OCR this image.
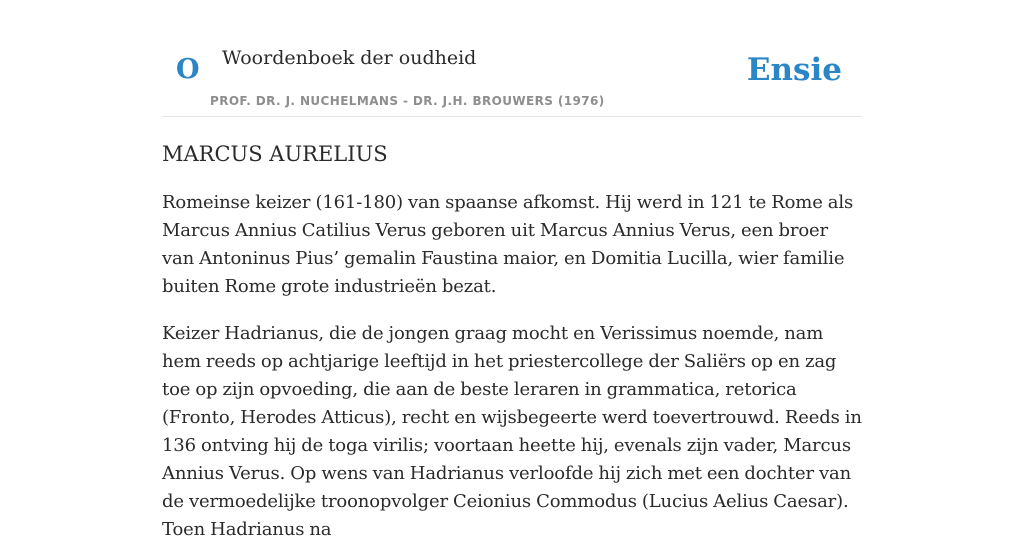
O Woordenboek der oudheid
PROF. DR. J. NUCHELMANS - DR. J.H. BROUWERS (1976)
Ensie
MARCUS AURELIUS

Romeinse keizer (161-180) van spaanse afkomst. Hij werd in 121 te Rome als Marcus Annius Catilius Verus geboren uit Marcus Annius Verus, een broer van Antoninus Pius’ gemalin Faustina maior, en Domitia Lucilla, wier familie buiten Rome grote industrieën bezat.

Keizer Hadrianus, die de jongen graag mocht en Verissimus noemde, nam hem reeds op achtjarige leeftijd in het priestercollege der Saliërs op en zag toe op zijn opvoeding, die aan de beste leraren in grammatica, retorica (Fronto, Herodes Atticus), recht en wijsbegeerte werd toevertrouwd. Reeds in 136 ontving hij de toga virilis; voortaan heette hij, evenals zijn vader, Marcus Annius Verus. Op wens van Hadrianus verloofde hij zich met een dochter van de vermoedelijke troonopvolger Ceionius Commodus (Lucius Aelius Caesar). Toen Hadrianus na
